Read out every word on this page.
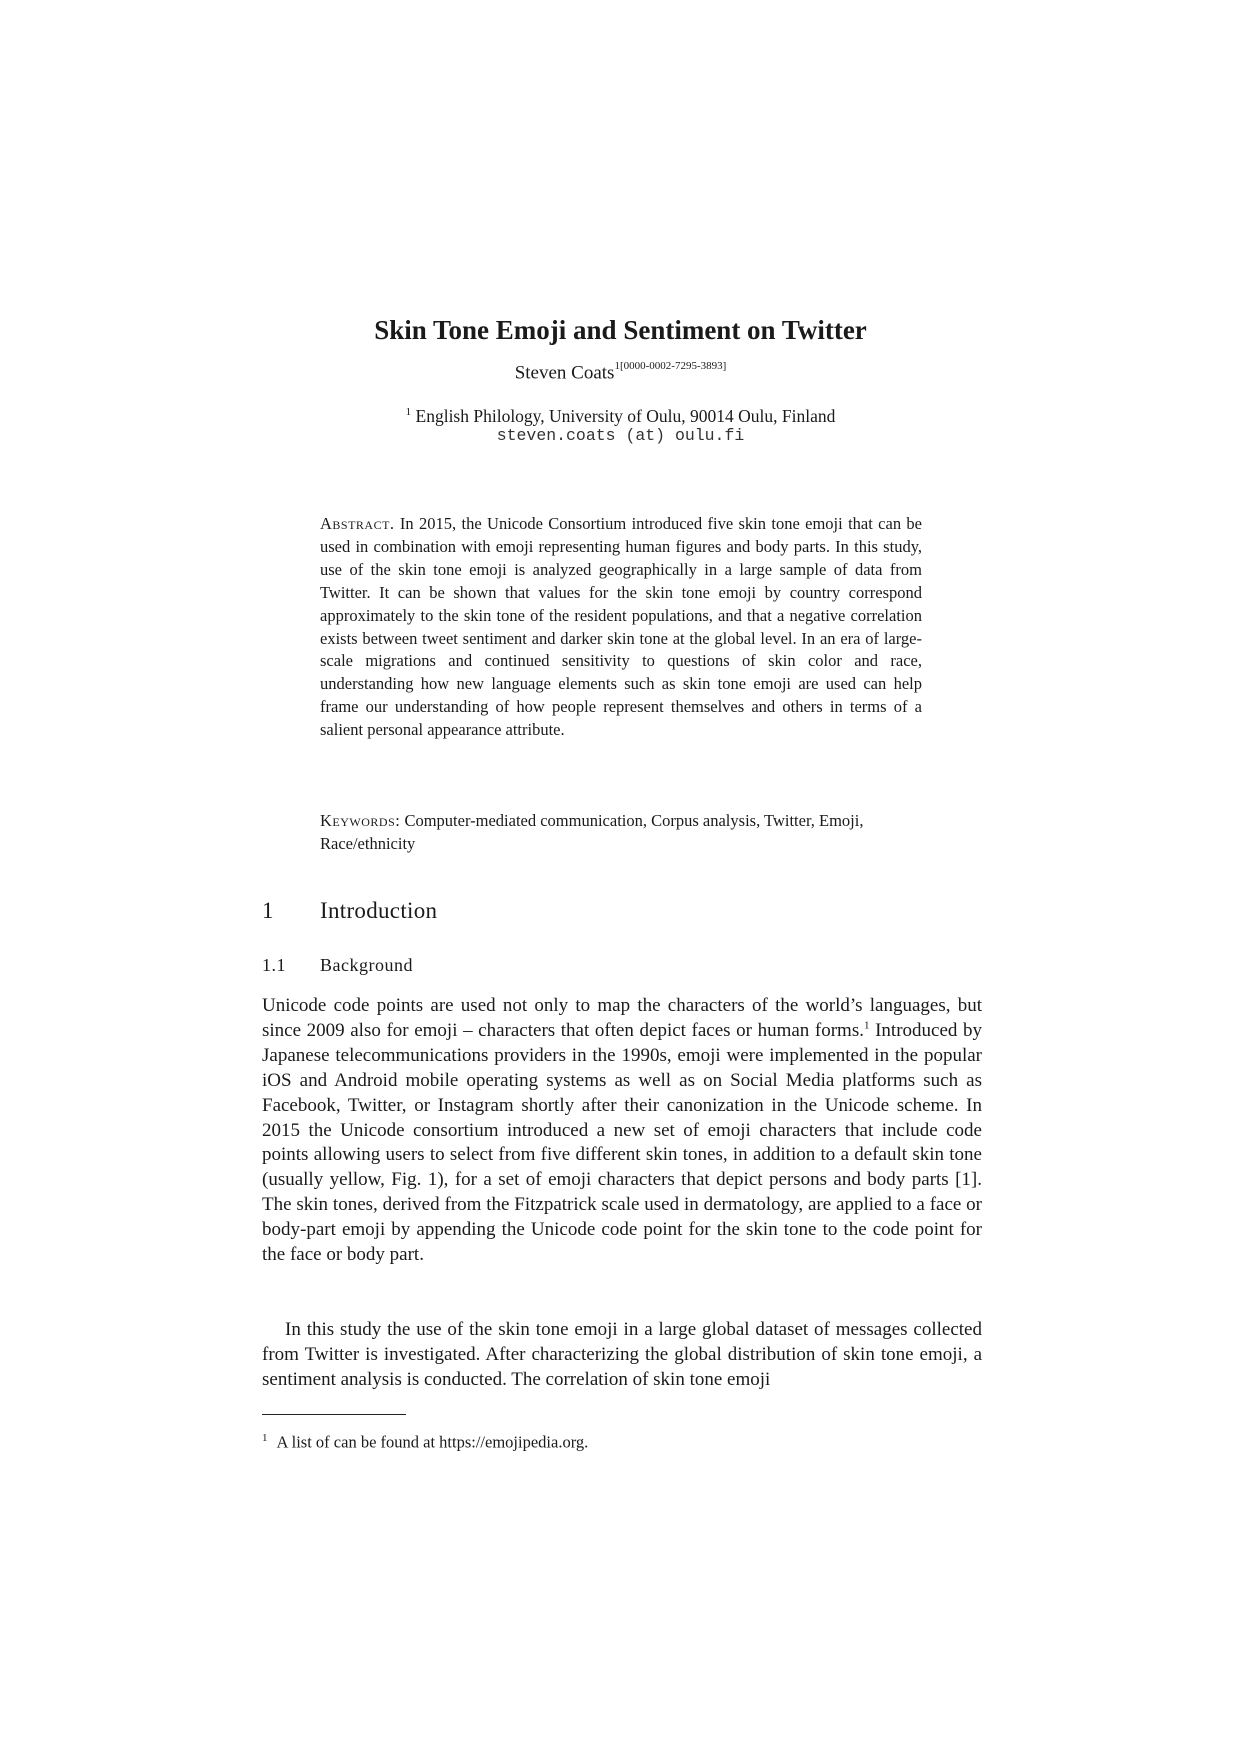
Skin Tone Emoji and Sentiment on Twitter
Steven Coats$^{1[0000-0002-7295-3893]}$
$^1$ English Philology, University of Oulu, 90014 Oulu, Finland
steven.coats (at) oulu.fi
Abstract. In 2015, the Unicode Consortium introduced five skin tone emoji that can be used in combination with emoji representing human figures and body parts. In this study, use of the skin tone emoji is analyzed geographically in a large sample of data from Twitter. It can be shown that values for the skin tone emoji by country correspond approximately to the skin tone of the resident populations, and that a negative correlation exists between tweet sentiment and darker skin tone at the global level. In an era of large-scale migrations and continued sensitivity to questions of skin color and race, understanding how new language elements such as skin tone emoji are used can help frame our understanding of how people represent themselves and others in terms of a salient personal appearance attribute.
Keywords: Computer-mediated communication, Corpus analysis, Twitter, Emoji, Race/ethnicity
1 Introduction
1.1 Background
Unicode code points are used not only to map the characters of the world’s languages, but since 2009 also for emoji – characters that often depict faces or human forms.$^1$ Introduced by Japanese telecommunications providers in the 1990s, emoji were implemented in the popular iOS and Android mobile operating systems as well as on Social Media platforms such as Facebook, Twitter, or Instagram shortly after their canonization in the Unicode scheme. In 2015 the Unicode consortium introduced a new set of emoji characters that include code points allowing users to select from five different skin tones, in addition to a default skin tone (usually yellow, Fig. 1), for a set of emoji characters that depict persons and body parts [1]. The skin tones, derived from the Fitzpatrick scale used in dermatology, are applied to a face or body-part emoji by appending the Unicode code point for the skin tone to the code point for the face or body part.
In this study the use of the skin tone emoji in a large global dataset of messages collected from Twitter is investigated. After characterizing the global distribution of skin tone emoji, a sentiment analysis is conducted. The correlation of skin tone emoji
$^1$ A list of can be found at https://emojipedia.org.
